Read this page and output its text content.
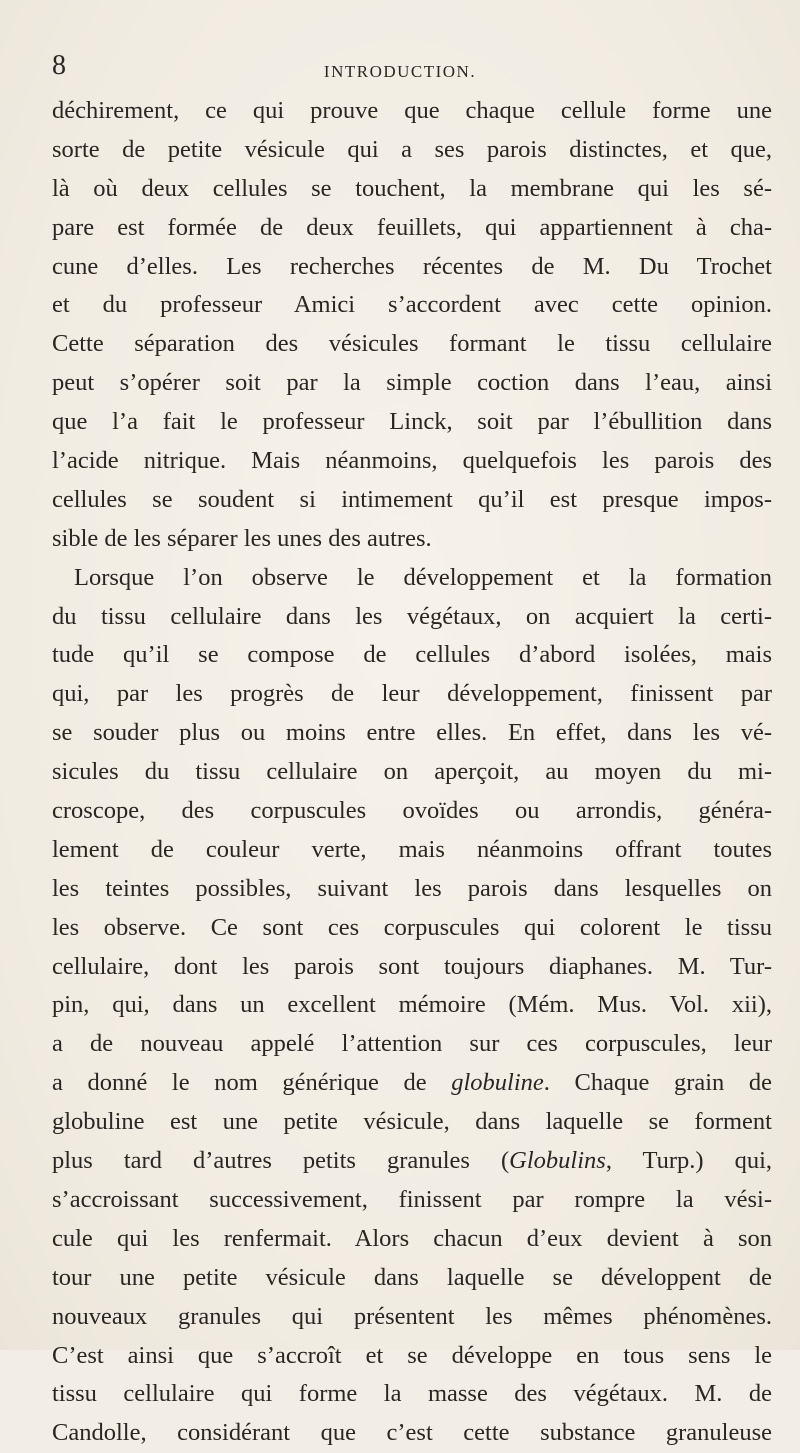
8	INTRODUCTION.
déchirement, ce qui prouve que chaque cellule forme une
sorte de petite vésicule qui a ses parois distinctes, et que,
là où deux cellules se touchent, la membrane qui les sé-
pare est formée de deux feuillets, qui appartiennent à cha-
cune d’elles. Les recherches récentes de M. Du Trochet
et du professeur Amici s’accordent avec cette opinion.
Cette séparation des vésicules formant le tissu cellulaire
peut s’opérer soit par la simple coction dans l’eau, ainsi
que l’a fait le professeur Linck, soit par l’ébullition dans
l’acide nitrique. Mais néanmoins, quelquefois les parois des
cellules se soudent si intimement qu’il est presque impos-
sible de les séparer les unes des autres.
Lorsque l’on observe le développement et la formation
du tissu cellulaire dans les végétaux, on acquiert la certi-
tude qu’il se compose de cellules d’abord isolées, mais
qui, par les progrès de leur développement, finissent par
se souder plus ou moins entre elles. En effet, dans les vé-
sicules du tissu cellulaire on aperçoit, au moyen du mi-
croscope, des corpuscules ovoïdes ou arrondis, généra-
lement de couleur verte, mais néanmoins offrant toutes
les teintes possibles, suivant les parois dans lesquelles on
les observe. Ce sont ces corpuscules qui colorent le tissu
cellulaire, dont les parois sont toujours diaphanes. M. Tur-
pin, qui, dans un excellent mémoire (Mém. Mus. Vol. xii),
a de nouveau appelé l’attention sur ces corpuscules, leur
a donné le nom générique de globuline. Chaque grain de
globuline est une petite vésicule, dans laquelle se forment
plus tard d’autres petits granules (Globulins, Turp.) qui,
s’accroissant successivement, finissent par rompre la vési-
cule qui les renfermait. Alors chacun d’eux devient à son
tour une petite vésicule dans laquelle se développent de
nouveaux granules qui présentent les mêmes phénomènes.
C’est ainsi que s’accroît et se développe en tous sens le
tissu cellulaire qui forme la masse des végétaux. M. de
Candolle, considérant que c’est cette substance granuleuse
